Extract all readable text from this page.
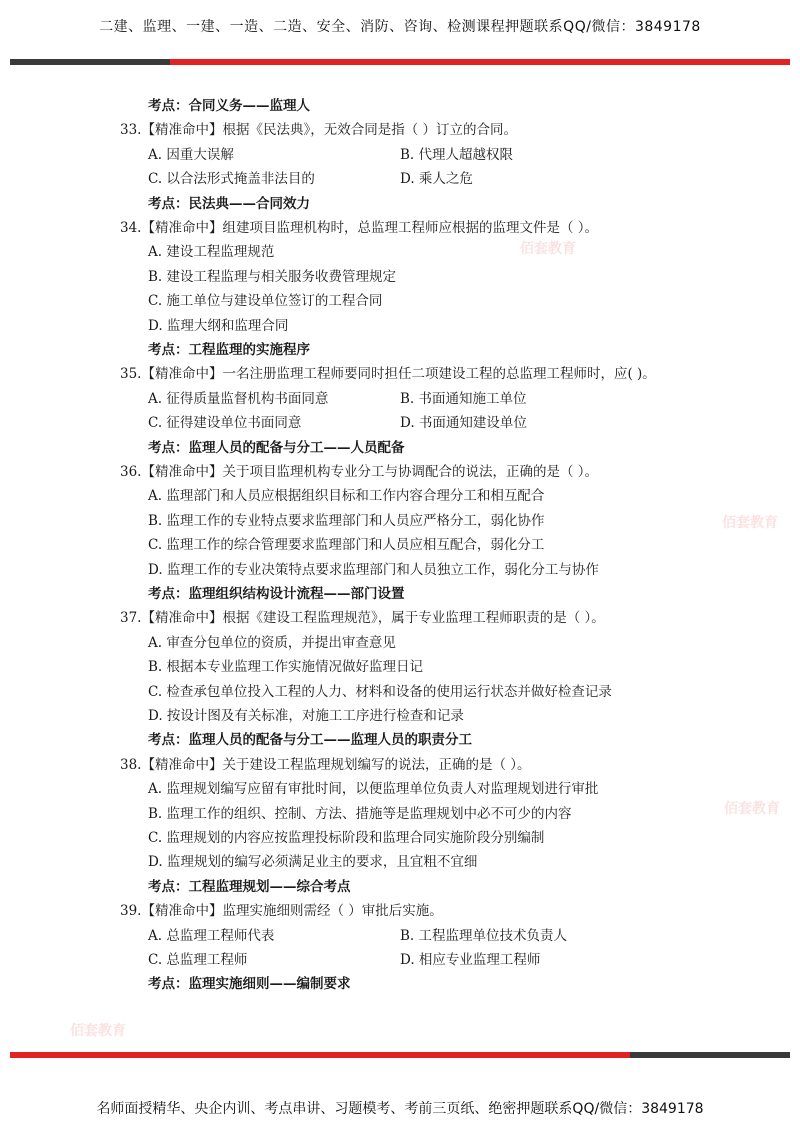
二建、监理、一建、一造、二造、安全、消防、咨询、检测课程押题联系QQ/微信：3849178
佰套教育
佰套教育
佰套教育
佰套教育
考点：合同义务——监理人
33.【精准命中】根据《民法典》，无效合同是指（ ）订立的合同。
A. 因重大误解	B. 代理人超越权限
C. 以合法形式掩盖非法目的	D. 乘人之危
考点：民法典——合同效力
34.【精准命中】组建项目监理机构时，总监理工程师应根据的监理文件是（ ）。
A. 建设工程监理规范
B. 建设工程监理与相关服务收费管理规定
C. 施工单位与建设单位签订的工程合同
D. 监理大纲和监理合同
考点：工程监理的实施程序
35.【精准命中】一名注册监理工程师要同时担任二项建设工程的总监理工程师时，应( )。
A. 征得质量监督机构书面同意	B. 书面通知施工单位
C. 征得建设单位书面同意	D. 书面通知建设单位
考点：监理人员的配备与分工——人员配备
36.【精准命中】关于项目监理机构专业分工与协调配合的说法，正确的是（ ）。
A. 监理部门和人员应根据组织目标和工作内容合理分工和相互配合
B. 监理工作的专业特点要求监理部门和人员应严格分工，弱化协作
C. 监理工作的综合管理要求监理部门和人员应相互配合，弱化分工
D. 监理工作的专业决策特点要求监理部门和人员独立工作，弱化分工与协作
考点：监理组织结构设计流程——部门设置
37.【精准命中】根据《建设工程监理规范》，属于专业监理工程师职责的是（ ）。
A. 审查分包单位的资质，并提出审查意见
B. 根据本专业监理工作实施情况做好监理日记
C. 检查承包单位投入工程的人力、材料和设备的使用运行状态并做好检查记录
D. 按设计图及有关标准，对施工工序进行检查和记录
考点：监理人员的配备与分工——监理人员的职责分工
38.【精准命中】关于建设工程监理规划编写的说法，正确的是（ ）。
A. 监理规划编写应留有审批时间，以便监理单位负责人对监理规划进行审批
B. 监理工作的组织、控制、方法、措施等是监理规划中必不可少的内容
C. 监理规划的内容应按监理投标阶段和监理合同实施阶段分别编制
D. 监理规划的编写必须满足业主的要求，且宜粗不宜细
考点：工程监理规划——综合考点
39.【精准命中】监理实施细则需经（ ）审批后实施。
A. 总监理工程师代表	B. 工程监理单位技术负责人
C. 总监理工程师	D. 相应专业监理工程师
考点：监理实施细则——编制要求
名师面授精华、央企内训、考点串讲、习题模考、考前三页纸、绝密押题联系QQ/微信：3849178
